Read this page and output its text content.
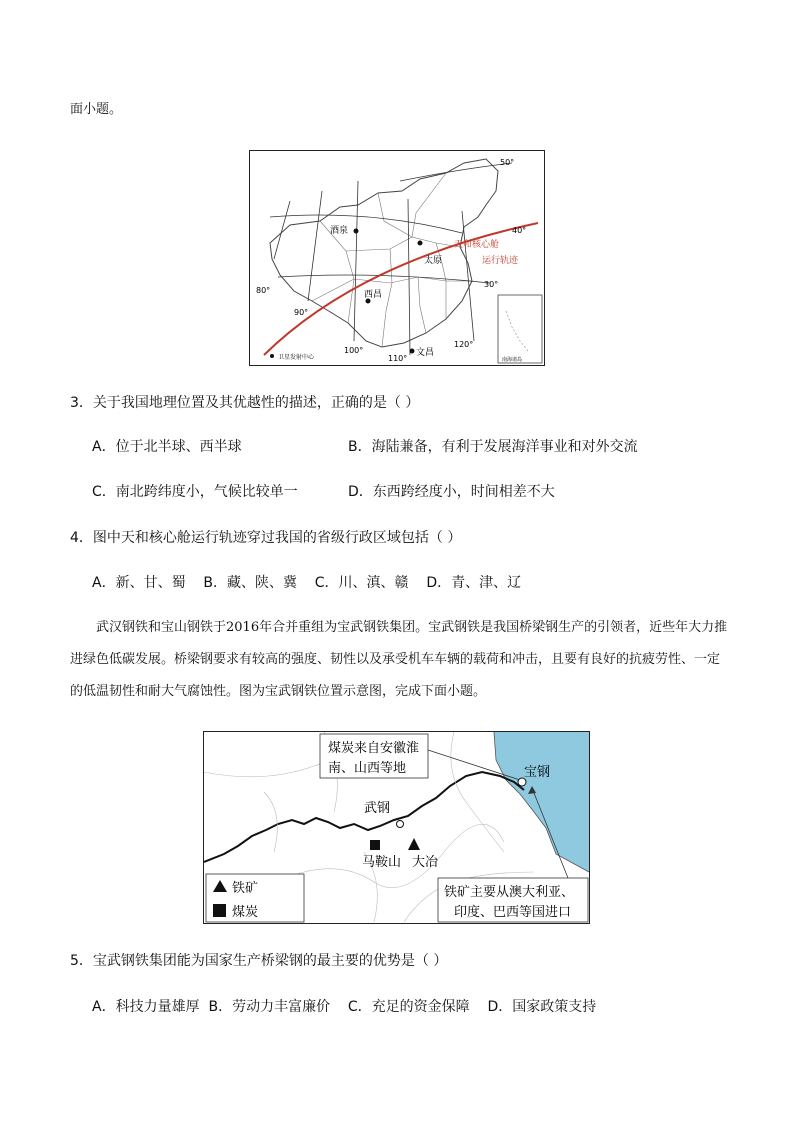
面小题。
酒泉
太原
西昌
文昌
天和核心舱
运行轨迹
50°
40°
30°
80°
90°
100°
110°
120°
卫星发射中心	南海诸岛
3．关于我国地理位置及其优越性的描述，正确的是（ ）
A．位于北半球、西半球	B．海陆兼备，有利于发展海洋事业和对外交流
C．南北跨纬度小，气候比较单一	D．东西跨经度小，时间相差不大
4．图中天和核心舱运行轨迹穿过我国的省级行政区域包括（ ）
A．新、甘、蜀    B．藏、陕、冀    C．川、滇、赣    D．青、津、辽
武汉钢铁和宝山钢铁于2016年合并重组为宝武钢铁集团。宝武钢铁是我国桥梁钢生产的引领者，近些年大力推进绿色低碳发展。桥梁钢要求有较高的强度、韧性以及承受机车车辆的载荷和冲击，且要有良好的抗疲劳性、一定的低温韧性和耐大气腐蚀性。图为宝武钢铁位置示意图，完成下面小题。
煤炭来自安徽淮
南、山西等地	宝钢
武钢
马鞍山 大冶
铁矿
煤炭
铁矿主要从澳大利亚、
印度、巴西等国进口
5．宝武钢铁集团能为国家生产桥梁钢的最主要的优势是（ ）
A．科技力量雄厚  B．劳动力丰富廉价    C．充足的资金保障    D．国家政策支持
